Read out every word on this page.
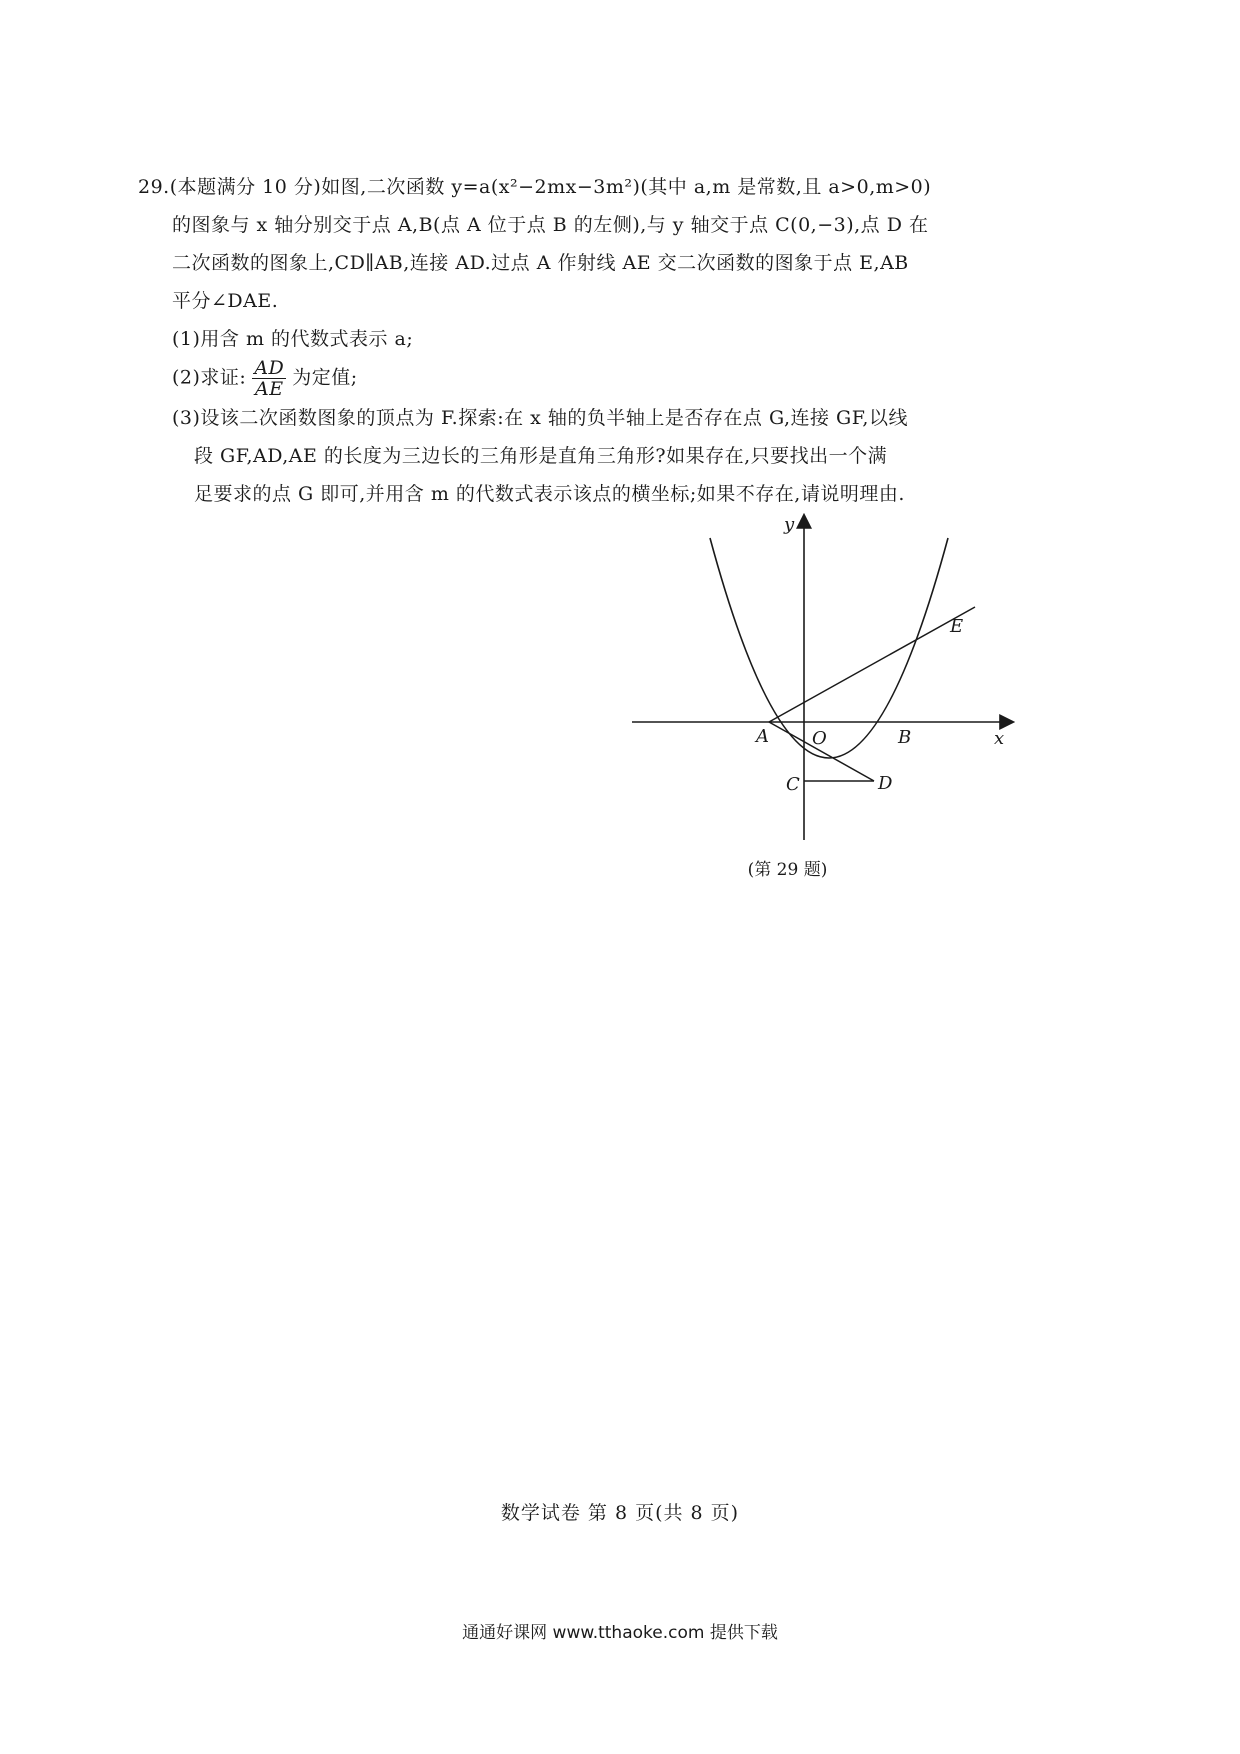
29.(本题满分 10 分)如图,二次函数 y=a(x²−2mx−3m²)(其中 a,m 是常数,且 a>0,m>0)
的图象与 x 轴分别交于点 A,B(点 A 位于点 B 的左侧),与 y 轴交于点 C(0,−3),点 D 在
二次函数的图象上,CD∥AB,连接 AD.过点 A 作射线 AE 交二次函数的图象于点 E,AB
平分∠DAE.
(1)用含 m 的代数式表示 a;
(2)求证: $\frac{AD}{AE}$ 为定值;
(3)设该二次函数图象的顶点为 F.探索:在 x 轴的负半轴上是否存在点 G,连接 GF,以线
段 GF,AD,AE 的长度为三边长的三角形是直角三角形?如果存在,只要找出一个满
足要求的点 G 即可,并用含 m 的代数式表示该点的横坐标;如果不存在,请说明理由.
y
x
A O	B
C	D
E
(第 29 题)
数学试卷 第 8 页(共 8 页)
通通好课网 www.tthaoke.com 提供下载
